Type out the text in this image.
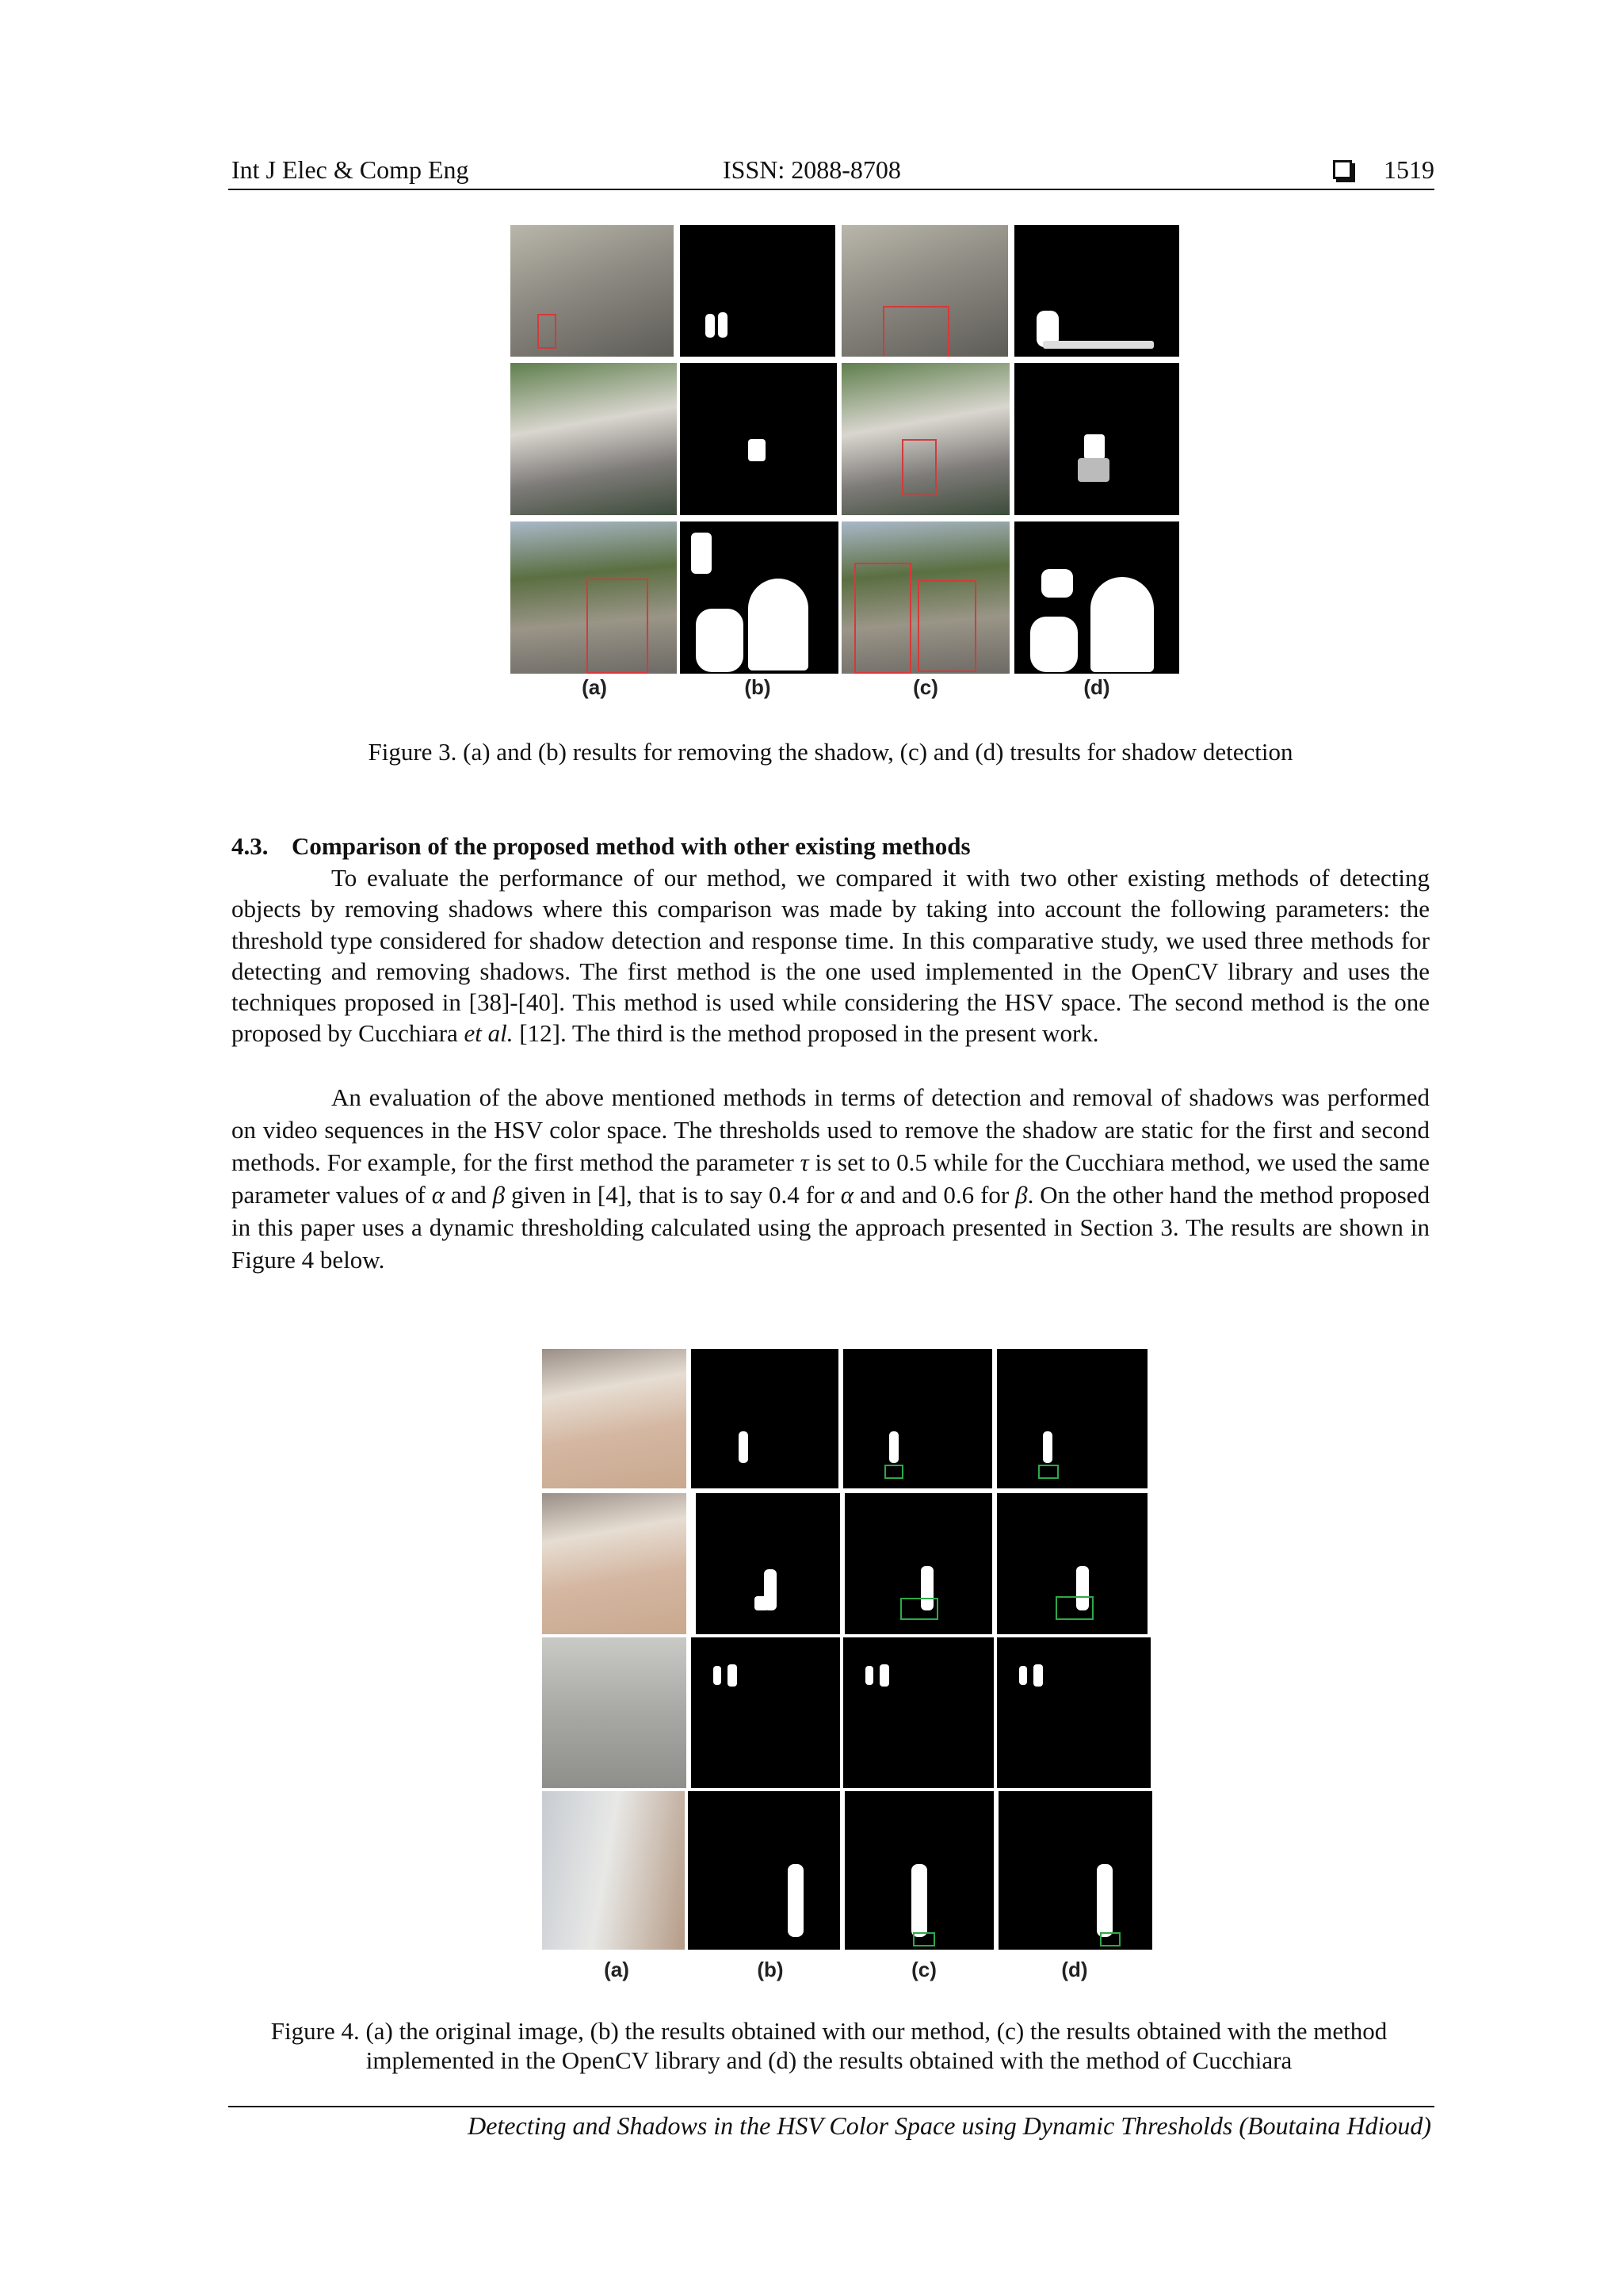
Int J Elec & Comp Eng	ISSN: 2088-8708	1519
(a)	(b)	(c)	(d)
Figure 3. (a) and (b) results for removing the shadow, (c) and (d) tresults for shadow detection
4.3. Comparison of the proposed method with other existing methods

To evaluate the performance of our method, we compared it with two other existing methods of detecting objects by removing shadows where this comparison was made by taking into account the following parameters: the threshold type considered for shadow detection and response time. In this comparative study, we used three methods for detecting and removing shadows. The first method is the one used implemented in the OpenCV library and uses the techniques proposed in [38]-[40]. This method is used while considering the HSV space. The second method is the one proposed by Cucchiara et al. [12]. The third is the method proposed in the present work.

An evaluation of the above mentioned methods in terms of detection and removal of shadows was performed on video sequences in the HSV color space. The thresholds used to remove the shadow are static for the first and second methods. For example, for the first method the parameter τ is set to 0.5 while for the Cucchiara method, we used the same parameter values of α and β given in [4], that is to say 0.4 for α and and 0.6 for β. On the other hand the method proposed in this paper uses a dynamic thresholding calculated using the approach presented in Section 3. The results are shown in Figure 4 below.

(a)	(b)	(c)	(d)
Figure 4. (a) the original image, (b) the results obtained with our method, (c) the results obtained with the method implemented in the OpenCV library and (d) the results obtained with the method of Cucchiara
Detecting and Shadows in the HSV Color Space using Dynamic Thresholds (Boutaina Hdioud)
